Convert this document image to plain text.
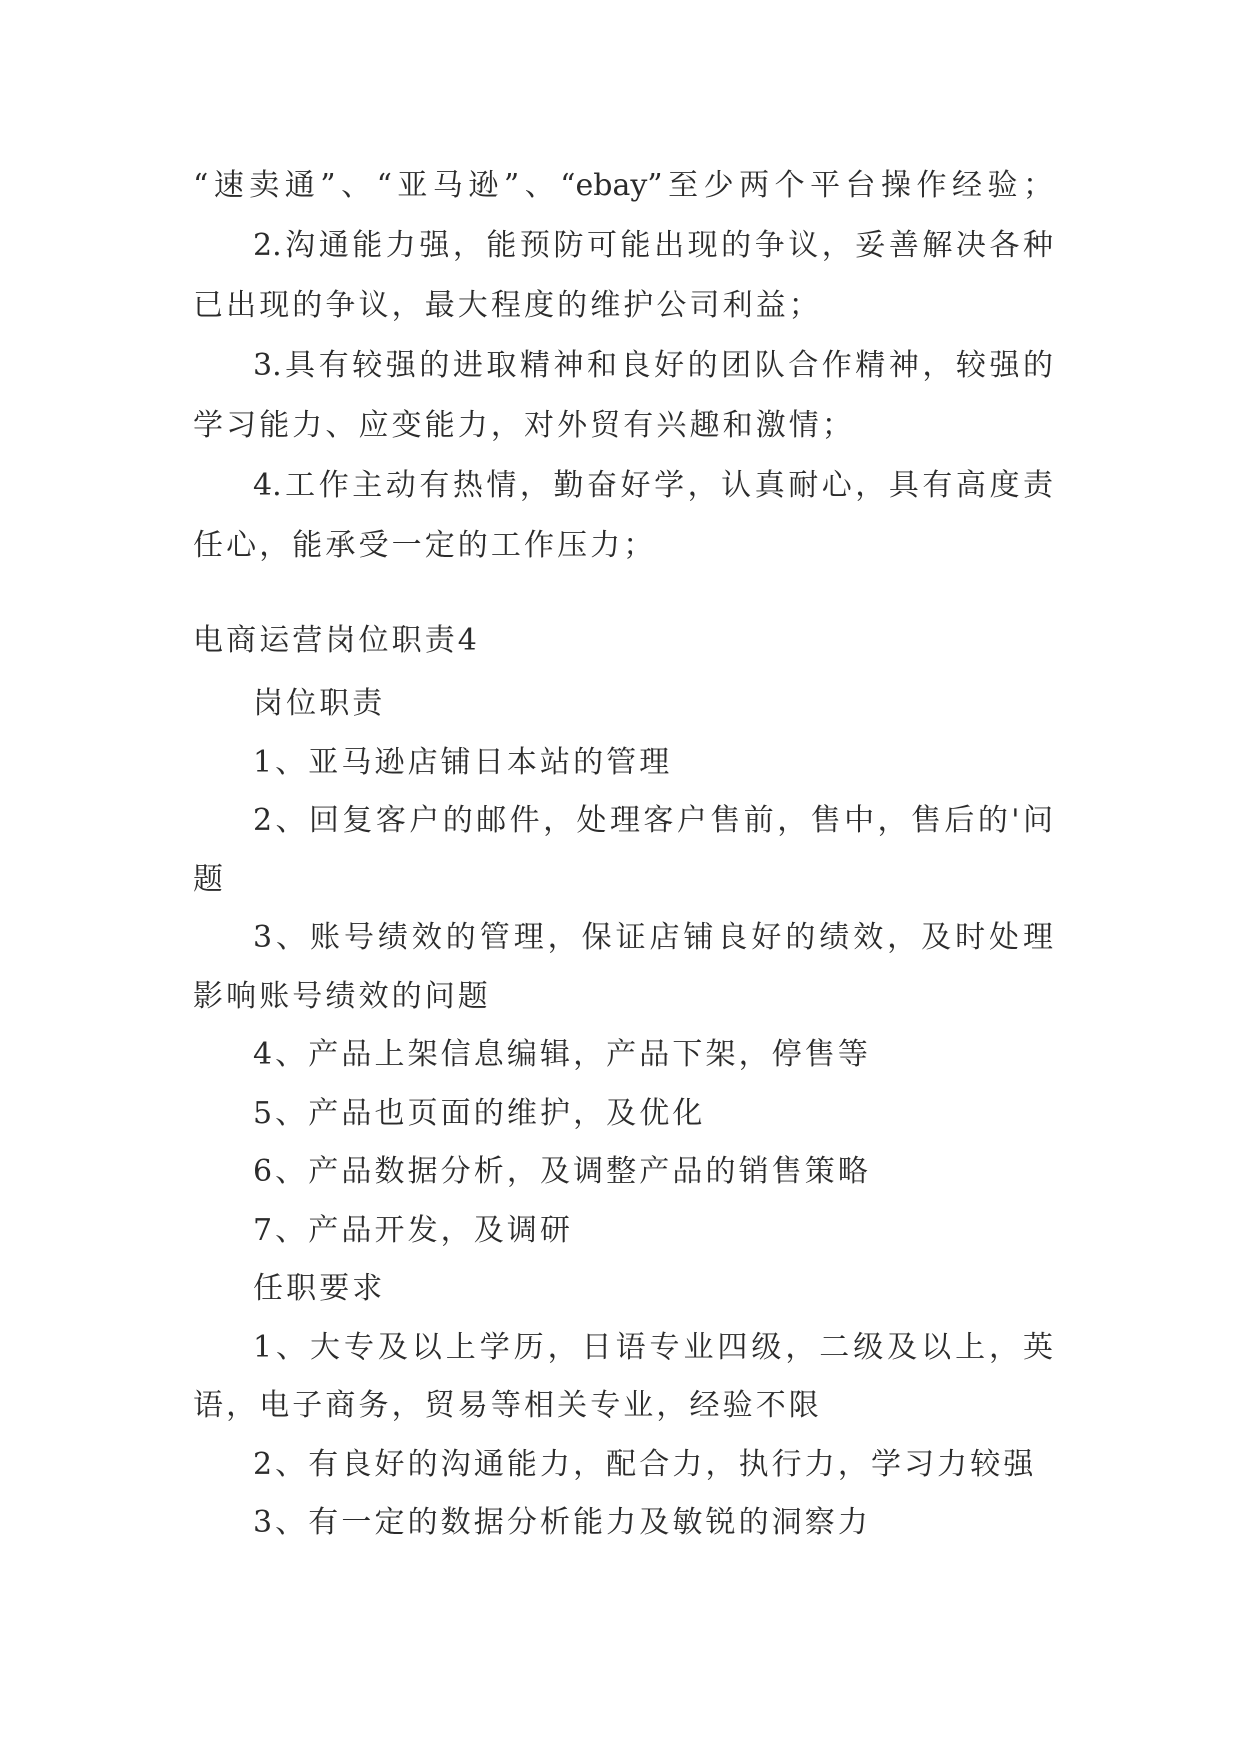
“速卖通”、“亚马逊”、“ebay”至少两个平台操作经验；
2.沟通能力强，能预防可能出现的争议，妥善解决各种
已出现的争议，最大程度的维护公司利益；
3.具有较强的进取精神和良好的团队合作精神，较强的
学习能力、应变能力，对外贸有兴趣和激情；
4.工作主动有热情，勤奋好学，认真耐心，具有高度责
任心，能承受一定的工作压力；
电商运营岗位职责4
岗位职责
1、亚马逊店铺日本站的管理
2、回复客户的邮件，处理客户售前，售中，售后的'问
题
3、账号绩效的管理，保证店铺良好的绩效，及时处理
影响账号绩效的问题
4、产品上架信息编辑，产品下架，停售等
5、产品也页面的维护，及优化
6、产品数据分析，及调整产品的销售策略
7、产品开发，及调研
任职要求
1、大专及以上学历，日语专业四级，二级及以上，英
语，电子商务，贸易等相关专业，经验不限
2、有良好的沟通能力，配合力，执行力，学习力较强
3、有一定的数据分析能力及敏锐的洞察力
